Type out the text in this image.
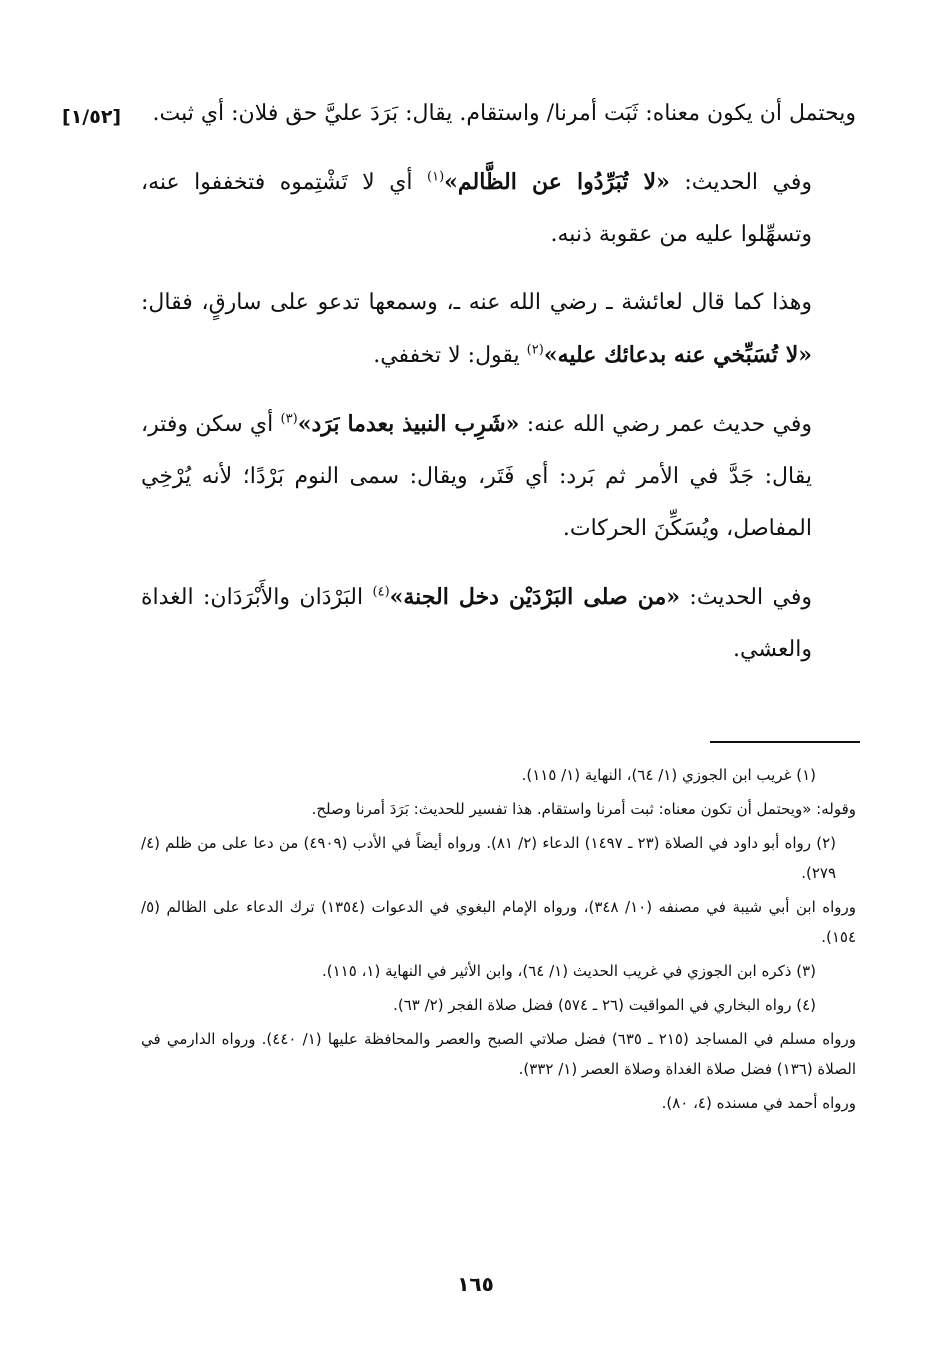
[١/٥٢]	ويحتمل أن يكون معناه: ثَبَت أمرنا/ واستقام. يقال: بَرَدَ عليَّ حق فلان: أي ثبت.

وفي الحديث: «لا تُبَرِّدُوا عن الظَّالم»$^{(١)}$ أي لا تَشْتِموه فتخففوا عنه، وتسهِّلوا عليه من عقوبة ذنبه.

وهذا كما قال لعائشة ـ رضي الله عنه ـ، وسمعها تدعو على سارقٍ، فقال: «لا تُسَبِّخي عنه بدعائك عليه»$^{(٢)}$ يقول: لا تخففي.

وفي حديث عمر رضي الله عنه: «شَرِب النبيذ بعدما بَرَد»$^{(٣)}$ أي سكن وفتر، يقال: جَدَّ في الأمر ثم بَرد: أي فَتَر، ويقال: سمى النوم بَرْدًا؛ لأنه يُرْخِي المفاصل، ويُسَكِّنَ الحركات.

وفي الحديث: «من صلى البَرْدَيْن دخل الجنة»$^{(٤)}$ البَرْدَان والأَبْرَدَان: الغداة والعشي.

(١) غريب ابن الجوزي (١/ ٦٤)، النهاية (١/ ١١٥).

وقوله: «ويحتمل أن تكون معناه: ثبت أمرنا واستقام. هذا تفسير للحديث: بَرَدَ أمرنا وصلح.

(٢) رواه أبو داود في الصلاة (٢٣ ـ ١٤٩٧) الدعاء (٢/ ٨١). ورواه أيضاً في الأدب (٤٩٠٩) من دعا على من ظلم (٤/ ٢٧٩).

ورواه ابن أبي شيبة في مصنفه (١٠/ ٣٤٨)، ورواه الإمام البغوي في الدعوات (١٣٥٤) ترك الدعاء على الظالم (٥/ ١٥٤).

(٣) ذكره ابن الجوزي في غريب الحديث (١/ ٦٤)، وابن الأثير في النهاية (١، ١١٥).

(٤) رواه البخاري في المواقيت (٢٦ ـ ٥٧٤) فضل صلاة الفجر (٢/ ٦٣).

ورواه مسلم في المساجد (٢١٥ ـ ٦٣٥) فضل صلاتي الصبح والعصر والمحافظة عليها (١/ ٤٤٠). ورواه الدارمي في الصلاة (١٣٦) فضل صلاة الغداة وصلاة العصر (١/ ٣٣٢).

ورواه أحمد في مسنده (٤، ٨٠).

١٦٥
